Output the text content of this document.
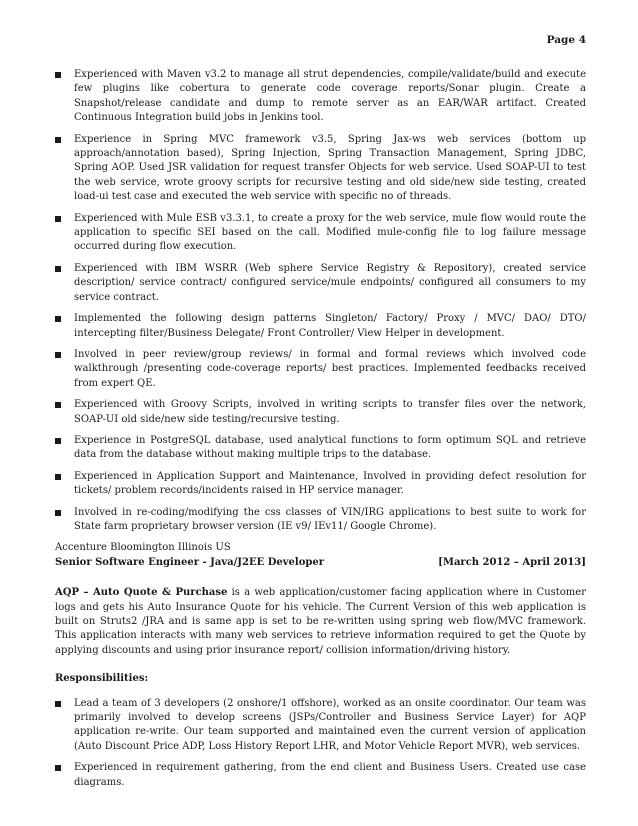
Page 4
Experienced with Maven v3.2 to manage all strut dependencies, compile/validate/build and execute few plugins like cobertura to generate code coverage reports/Sonar plugin. Create a Snapshot/release candidate and dump to remote server as an EAR/WAR artifact. Created Continuous Integration build jobs in Jenkins tool.
Experience in Spring MVC framework v3.5, Spring Jax-ws web services (bottom up approach/annotation based), Spring Injection, Spring Transaction Management, Spring JDBC, Spring AOP. Used JSR validation for request transfer Objects for web service. Used SOAP-UI to test the web service, wrote groovy scripts for recursive testing and old side/new side testing, created load-ui test case and executed the web service with specific no of threads.
Experienced with Mule ESB v3.3.1, to create a proxy for the web service, mule flow would route the application to specific SEI based on the call. Modified mule-config file to log failure message occurred during flow execution.
Experienced with IBM WSRR (Web sphere Service Registry & Repository), created service description/ service contract/ configured service/mule endpoints/ configured all consumers to my service contract.
Implemented the following design patterns Singleton/ Factory/ Proxy / MVC/ DAO/ DTO/ intercepting filter/Business Delegate/ Front Controller/ View Helper in development.
Involved in peer review/group reviews/ in formal and formal reviews which involved code walkthrough /presenting code-coverage reports/ best practices. Implemented feedbacks received from expert QE.
Experienced with Groovy Scripts, involved in writing scripts to transfer files over the network, SOAP-UI old side/new side testing/recursive testing.
Experience in PostgreSQL database, used analytical functions to form optimum SQL and retrieve data from the database without making multiple trips to the database.
Experienced in Application Support and Maintenance, Involved in providing defect resolution for tickets/ problem records/incidents raised in HP service manager.
Involved in re-coding/modifying the css classes of VIN/IRG applications to best suite to work for State farm proprietary browser version (IE v9/ IEv11/ Google Chrome).
Accenture Bloomington Illinois US
Senior Software Engineer - Java/J2EE Developer	[March 2012 – April 2013]
AQP – Auto Quote & Purchase is a web application/customer facing application where in Customer logs and gets his Auto Insurance Quote for his vehicle. The Current Version of this web application is built on Struts2 /JRA and is same app is set to be re-written using spring web flow/MVC framework. This application interacts with many web services to retrieve information required to get the Quote by applying discounts and using prior insurance report/ collision information/driving history.
Responsibilities:
Lead a team of 3 developers (2 onshore/1 offshore), worked as an onsite coordinator. Our team was primarily involved to develop screens (JSPs/Controller and Business Service Layer) for AQP application re-write. Our team supported and maintained even the current version of application (Auto Discount Price ADP, Loss History Report LHR, and Motor Vehicle Report MVR), web services.
Experienced in requirement gathering, from the end client and Business Users. Created use case diagrams.
